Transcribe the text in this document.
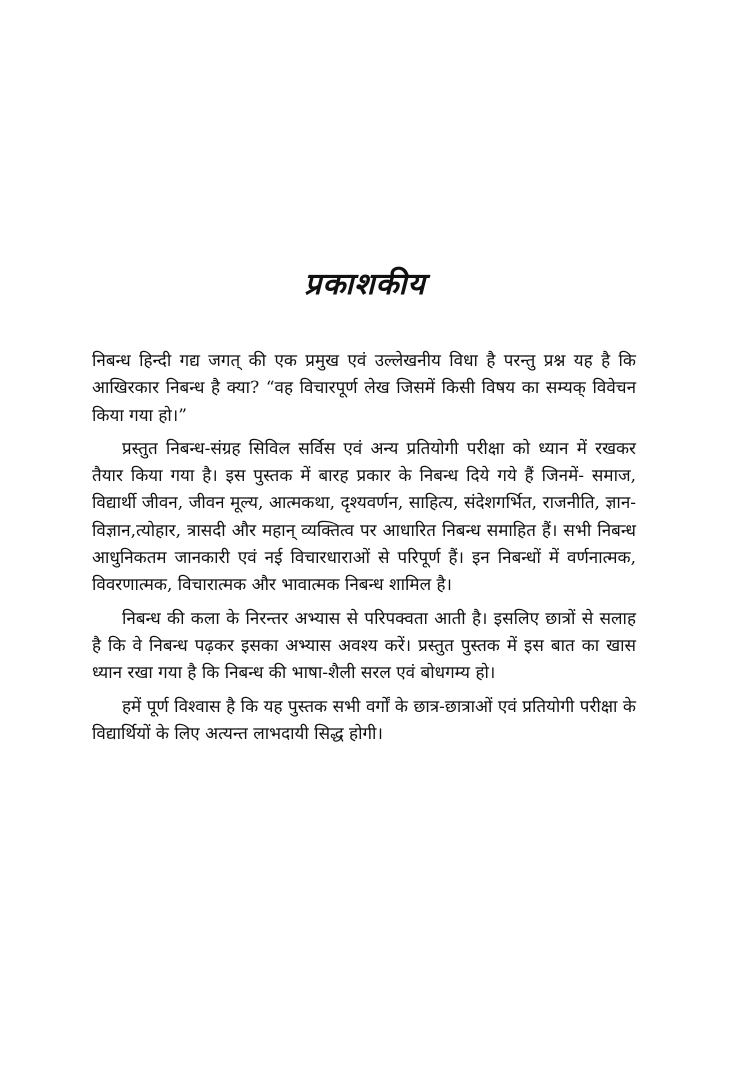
प्रकाशकीय

निबन्ध हिन्दी गद्य जगत् की एक प्रमुख एवं उल्लेखनीय विधा है परन्तु प्रश्न यह है कि आखिरकार निबन्ध है क्या? “वह विचारपूर्ण लेख जिसमें किसी विषय का सम्यक् विवेचन किया गया हो।”

प्रस्तुत निबन्ध-संग्रह सिविल सर्विस एवं अन्य प्रतियोगी परीक्षा को ध्यान में रखकर तैयार किया गया है। इस पुस्तक में बारह प्रकार के निबन्ध दिये गये हैं जिनमें- समाज, विद्यार्थी जीवन, जीवन मूल्य, आत्मकथा, दृश्यवर्णन, साहित्य, संदेशगर्भित, राजनीति, ज्ञान-विज्ञान,त्योहार, त्रासदी और महान् व्यक्तित्व पर आधारित निबन्ध समाहित हैं। सभी निबन्ध आधुनिकतम जानकारी एवं नई विचारधाराओं से परिपूर्ण हैं। इन निबन्धों में वर्णनात्मक, विवरणात्मक, विचारात्मक और भावात्मक निबन्ध शामिल है।

निबन्ध की कला के निरन्तर अभ्यास से परिपक्वता आती है। इसलिए छात्रों से सलाह है कि वे निबन्ध पढ़कर इसका अभ्यास अवश्य करें। प्रस्तुत पुस्तक में इस बात का खास ध्यान रखा गया है कि निबन्ध की भाषा-शैली सरल एवं बोधगम्य हो।

हमें पूर्ण विश्वास है कि यह पुस्तक सभी वर्गों के छात्र-छात्राओं एवं प्रतियोगी परीक्षा के विद्यार्थियों के लिए अत्यन्त लाभदायी सिद्ध होगी।
